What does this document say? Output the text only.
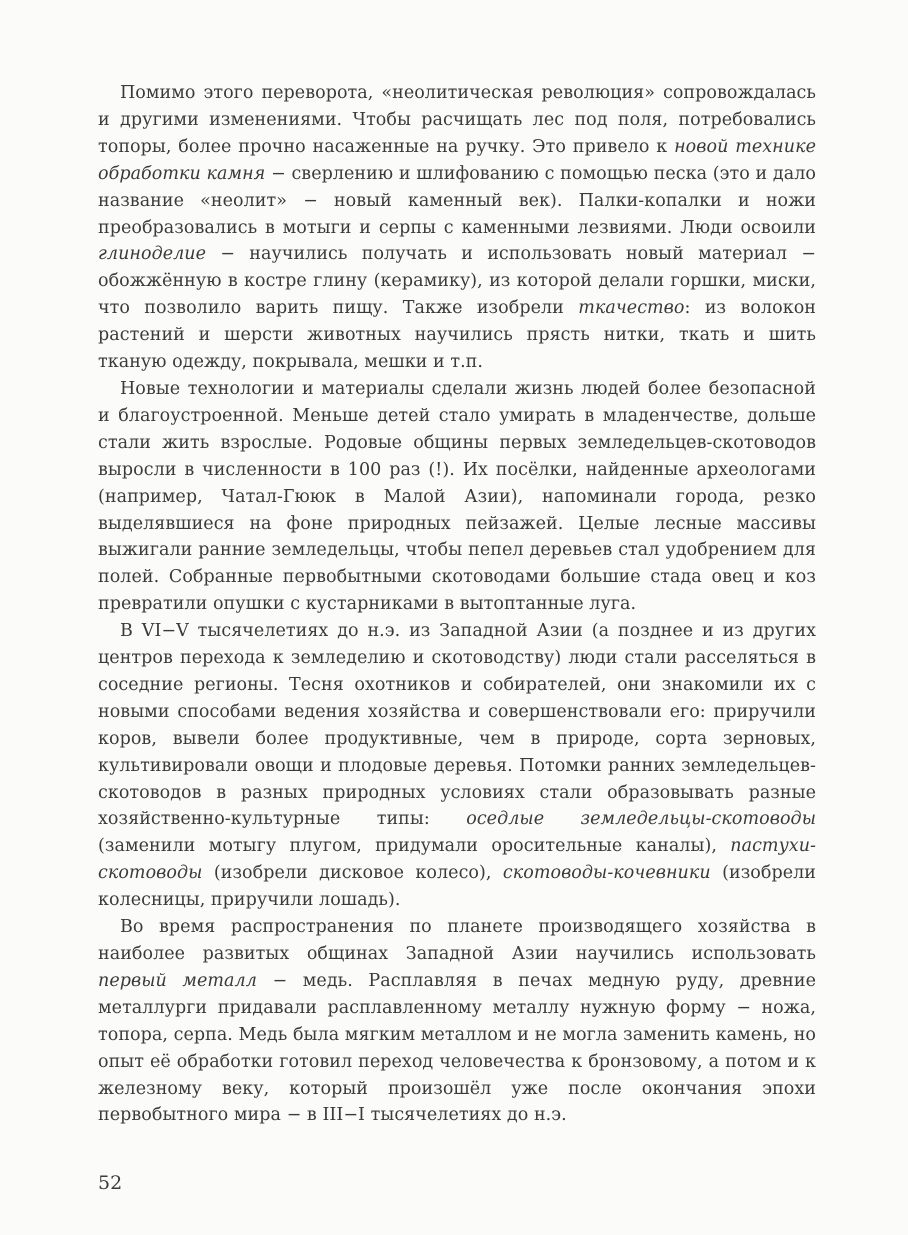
Помимо этого переворота, «неолитическая революция» сопровождалась и другими изменениями. Чтобы расчищать лес под поля, потребовались топоры, более прочно насаженные на ручку. Это привело к новой технике обработки камня − сверлению и шлифованию с помощью песка (это и дало название «неолит» − новый каменный век). Палки-копалки и ножи преобразовались в мотыги и серпы с каменными лезвиями. Люди освоили глиноделие − научились получать и использовать новый материал − обожжённую в костре глину (керамику), из которой делали горшки, миски, что позволило варить пищу. Также изобрели ткачество: из волокон растений и шерсти животных научились прясть нитки, ткать и шить тканую одежду, покрывала, мешки и т.п.

Новые технологии и материалы сделали жизнь людей более безопасной и благоустроенной. Меньше детей стало умирать в младенчестве, дольше стали жить взрослые. Родовые общины первых земледельцев-скотоводов выросли в численности в 100 раз (!). Их посёлки, найденные археологами (например, Чатал-Гююк в Малой Азии), напоминали города, резко выделявшиеся на фоне природных пейзажей. Целые лесные массивы выжигали ранние земледельцы, чтобы пепел деревьев стал удобрением для полей. Собранные первобытными скотоводами большие стада овец и коз превратили опушки с кустарниками в вытоптанные луга.

В VI−V тысячелетиях до н.э. из Западной Азии (а позднее и из других центров перехода к земледелию и скотоводству) люди стали расселяться в соседние регионы. Тесня охотников и собирателей, они знакомили их с новыми способами ведения хозяйства и совершенствовали его: приручили коров, вывели более продуктивные, чем в природе, сорта зерновых, культивировали овощи и плодовые деревья. Потомки ранних земледельцев-скотоводов в разных природных условиях стали образовывать разные хозяйственно-культурные типы: оседлые земледельцы-скотоводы (заменили мотыгу плугом, придумали оросительные каналы), пастухи-скотоводы (изобрели дисковое колесо), скотоводы-кочевники (изобрели колесницы, приручили лошадь).

Во время распространения по планете производящего хозяйства в наиболее развитых общинах Западной Азии научились использовать первый металл − медь. Расплавляя в печах медную руду, древние металлурги придавали расплавленному металлу нужную форму − ножа, топора, серпа. Медь была мягким металлом и не могла заменить камень, но опыт её обработки готовил переход человечества к бронзовому, а потом и к железному веку, который произошёл уже после окончания эпохи первобытного мира − в III−I тысячелетиях до н.э.

52
